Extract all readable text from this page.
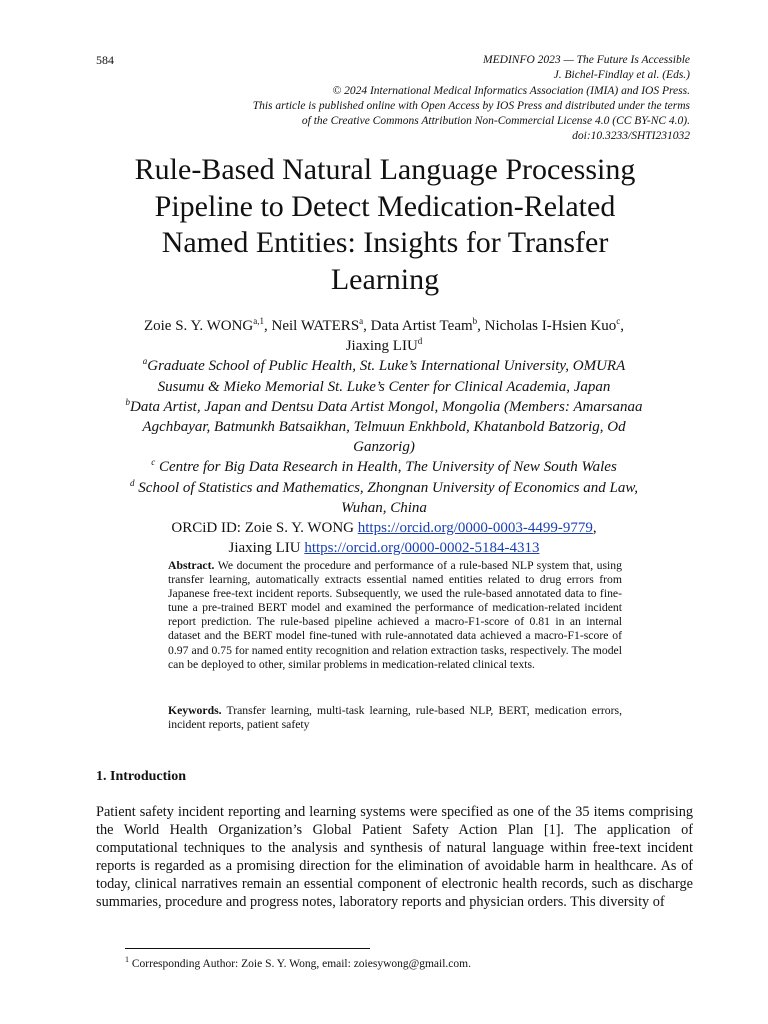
584	MEDINFO 2023 — The Future Is Accessible
J. Bichel-Findlay et al. (Eds.)
© 2024 International Medical Informatics Association (IMIA) and IOS Press.
This article is published online with Open Access by IOS Press and distributed under the terms
of the Creative Commons Attribution Non-Commercial License 4.0 (CC BY-NC 4.0).
doi:10.3233/SHTI231032
Rule-Based Natural Language Processing
Pipeline to Detect Medication-Related
Named Entities: Insights for Transfer
Learning
Zoie S. Y. WONG$^{a,1}$, Neil WATERS$^a$, Data Artist Team$^b$, Nicholas I-Hsien Kuo$^c$,
Jiaxing LIU$^d$
$^a$Graduate School of Public Health, St. Luke’s International University, OMURA
Susumu & Mieko Memorial St. Luke’s Center for Clinical Academia, Japan
$^b$Data Artist, Japan and Dentsu Data Artist Mongol, Mongolia (Members: Amarsanaa
Agchbayar, Batmunkh Batsaikhan, Telmuun Enkhbold, Khatanbold Batzorig, Od
Ganzorig)
$^c$ Centre for Big Data Research in Health, The University of New South Wales
$^d$ School of Statistics and Mathematics, Zhongnan University of Economics and Law,
Wuhan, China
ORCiD ID: Zoie S. Y. WONG https://orcid.org/0000-0003-4499-9779,
Jiaxing LIU https://orcid.org/0000-0002-5184-4313
Abstract. We document the procedure and performance of a rule-based NLP system that, using transfer learning, automatically extracts essential named entities related to drug errors from Japanese free-text incident reports. Subsequently, we used the rule-based annotated data to fine-tune a pre-trained BERT model and examined the performance of medication-related incident report prediction. The rule-based pipeline achieved a macro-F1-score of 0.81 in an internal dataset and the BERT model fine-tuned with rule-annotated data achieved a macro-F1-score of 0.97 and 0.75 for named entity recognition and relation extraction tasks, respectively. The model can be deployed to other, similar problems in medication-related clinical texts.
Keywords. Transfer learning, multi-task learning, rule-based NLP, BERT, medication errors, incident reports, patient safety
1. Introduction
Patient safety incident reporting and learning systems were specified as one of the 35 items comprising the World Health Organization’s Global Patient Safety Action Plan [1]. The application of computational techniques to the analysis and synthesis of natural language within free-text incident reports is regarded as a promising direction for the elimination of avoidable harm in healthcare. As of today, clinical narratives remain an essential component of electronic health records, such as discharge summaries, procedure and progress notes, laboratory reports and physician orders. This diversity of
$^1$ Corresponding Author: Zoie S. Y. Wong, email: zoiesywong@gmail.com.
